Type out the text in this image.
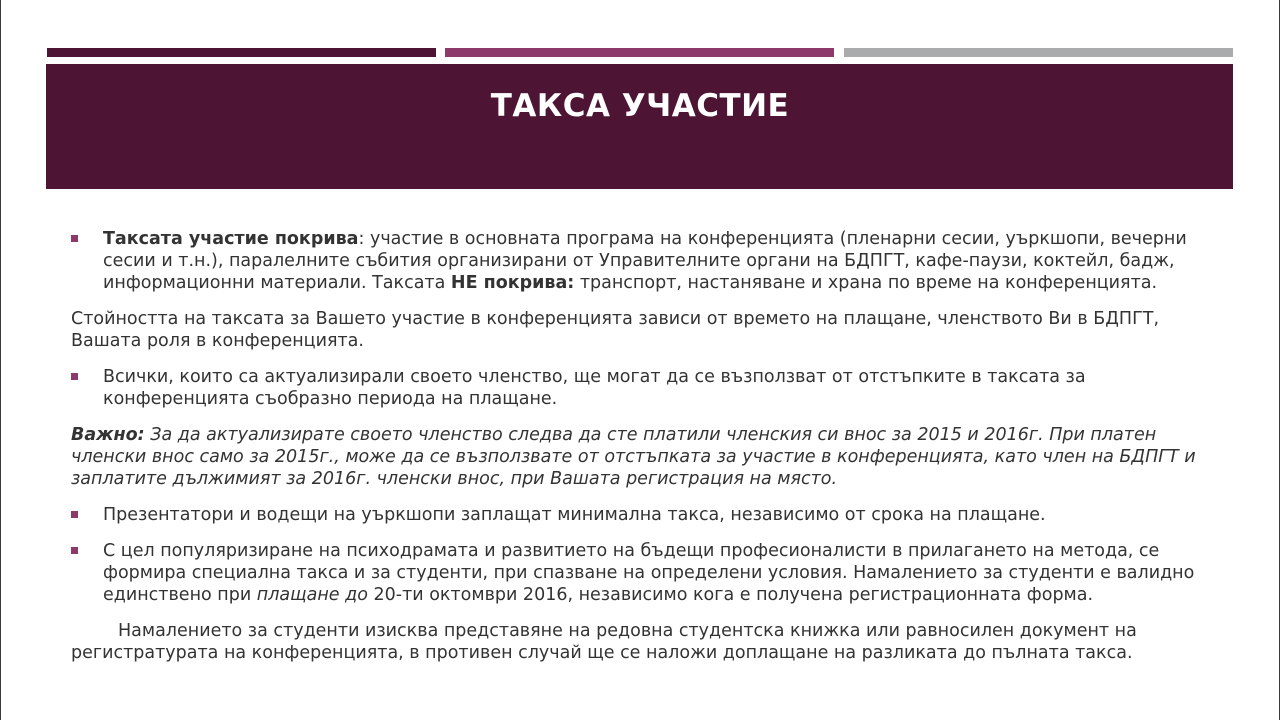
ТАКСА УЧАСТИЕ
Таксата участие покрива: участие в основната програма на конференцията (пленарни сесии, уъркшопи, вечерни сесии и т.н.), паралелните събития организирани от Управителните органи на БДПГТ, кафе-паузи, коктейл, бадж, информационни материали. Таксата НЕ покрива: транспорт, настаняване и храна по време на конференцията.
Стойността на таксата за Вашето участие в конференцията зависи от времето на плащане, членството Ви в БДПГТ, Вашата роля в конференцията.
Всички, които са актуализирали своето членство, ще могат да се възползват от отстъпките в таксата за конференцията съобразно периода на плащане.
Важно: За да актуализирате своето членство следва да сте платили членския си внос за 2015 и 2016г. При платен членски внос само за 2015г., може да се възползвате от отстъпката за участие в конференцията, като член на БДПГТ и заплатите дължимият за 2016г. членски внос, при Вашата регистрация на място.
Презентатори и водещи на уъркшопи заплащат минимална такса, независимо от срока на плащане.
С цел популяризиране на психодрамата и развитието на бъдещи професионалисти в прилагането на метода, се формира специална такса и за студенти, при спазване на определени условия. Намалението за студенти е валидно единствено при плащане до 20-ти октомври 2016, независимо кога е получена регистрационната форма.
Намалението за студенти изисква представяне на редовна студентска книжка или равносилен документ на регистратурата на конференцията, в противен случай ще се наложи доплащане на разликата до пълната такса.
